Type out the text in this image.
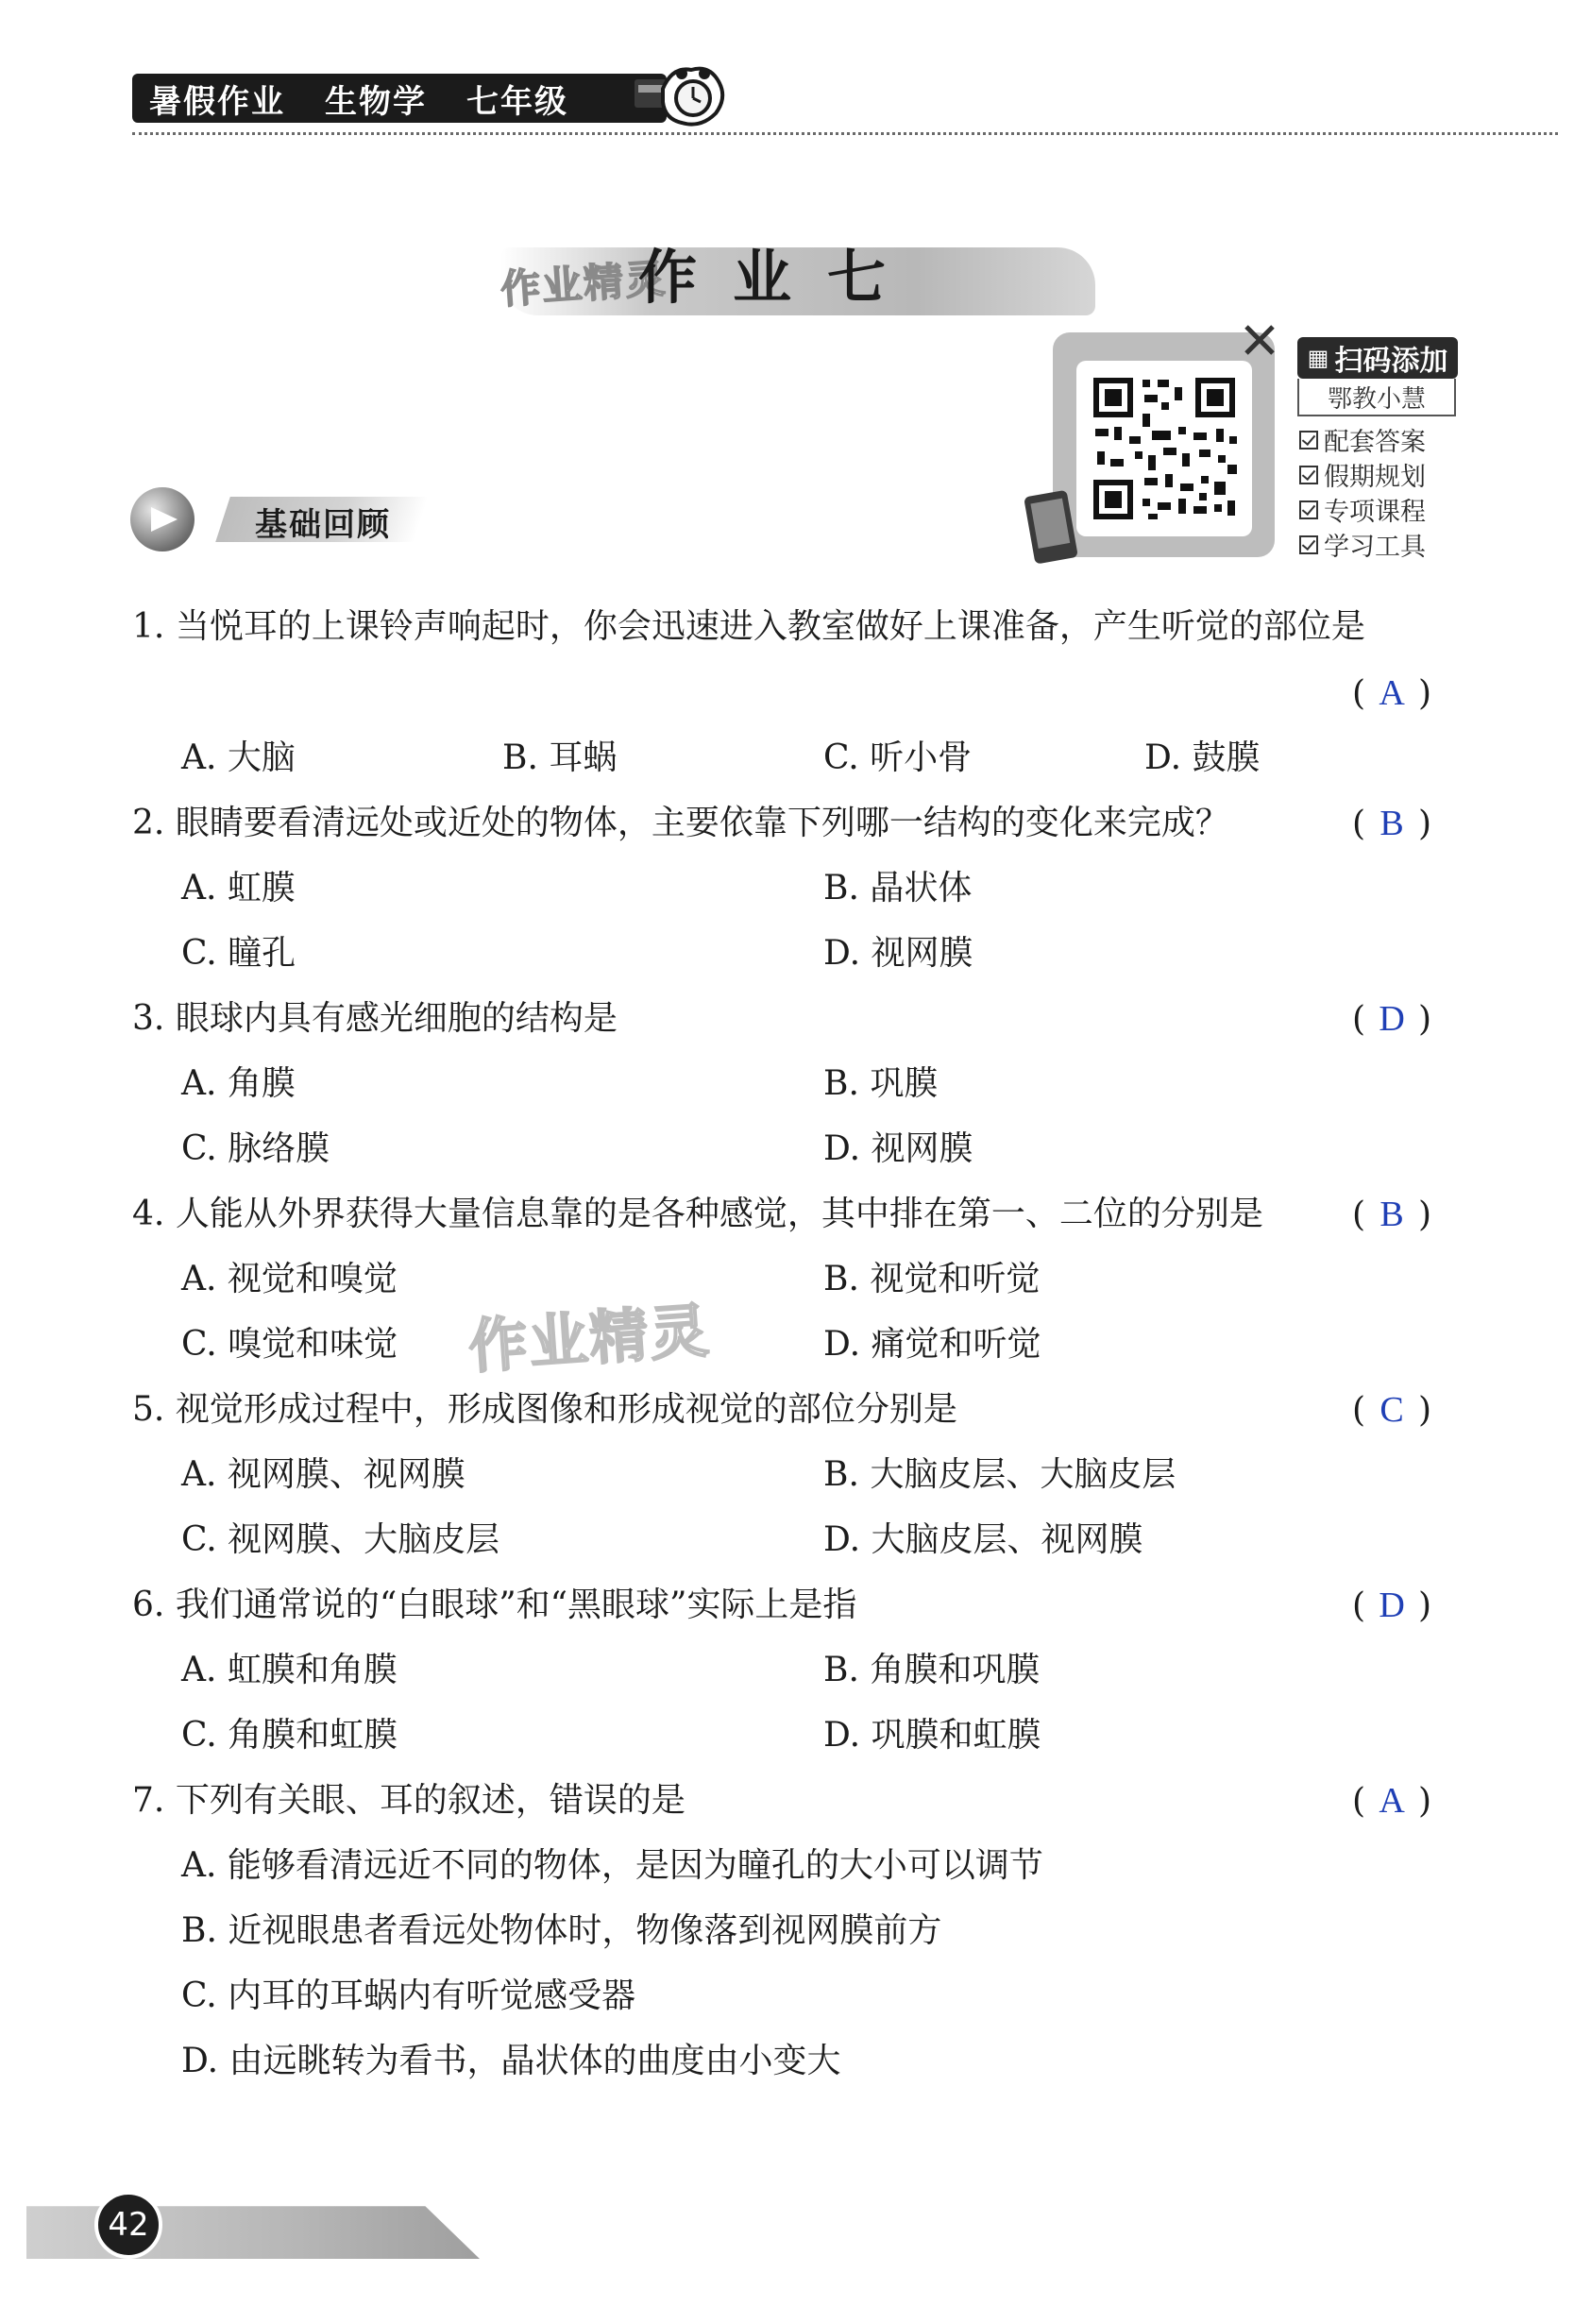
暑假作业 生物学 七年级
作业精灵
作业七
▦ 扫码添加
鄂教小慧
配套答案
假期规划
专项课程
学习工具
基础回顾
1. 当悦耳的上课铃声响起时，你会迅速进入教室做好上课准备，产生听觉的部位是
( A )
A. 大脑	B. 耳蜗	C. 听小骨	D. 鼓膜
2. 眼睛要看清远处或近处的物体，主要依靠下列哪一结构的变化来完成？	( B )
A. 虹膜	B. 晶状体
C. 瞳孔	D. 视网膜
3. 眼球内具有感光细胞的结构是	( D )
A. 角膜	B. 巩膜
C. 脉络膜	D. 视网膜
4. 人能从外界获得大量信息靠的是各种感觉，其中排在第一、二位的分别是	( B )
A. 视觉和嗅觉	B. 视觉和听觉
C. 嗅觉和味觉	D. 痛觉和听觉
作业精灵
5. 视觉形成过程中，形成图像和形成视觉的部位分别是	( C )
A. 视网膜、视网膜	B. 大脑皮层、大脑皮层
C. 视网膜、大脑皮层	D. 大脑皮层、视网膜
6. 我们通常说的“白眼球”和“黑眼球”实际上是指	( D )
A. 虹膜和角膜	B. 角膜和巩膜
C. 角膜和虹膜	D. 巩膜和虹膜
7. 下列有关眼、耳的叙述，错误的是	( A )
A. 能够看清远近不同的物体，是因为瞳孔的大小可以调节
B. 近视眼患者看远处物体时，物像落到视网膜前方
C. 内耳的耳蜗内有听觉感受器
D. 由远眺转为看书，晶状体的曲度由小变大
42
